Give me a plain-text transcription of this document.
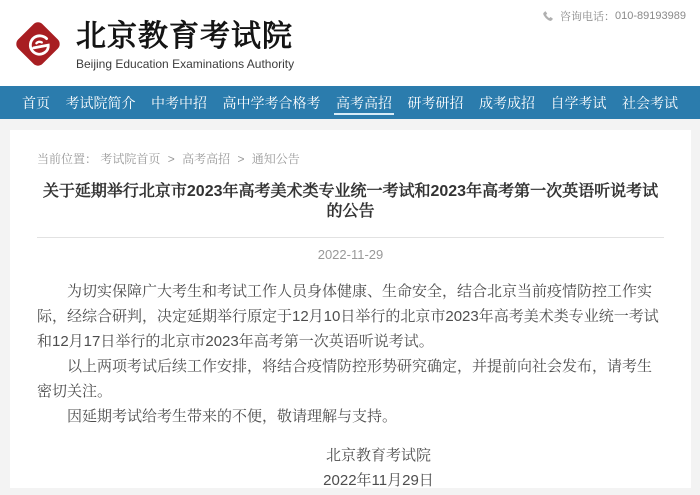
北京教育考试院
Beijing Education Examinations Authority
咨询电话： 010-89193989
首页 考试院简介 中考中招 高中学考合格考 高考高招 研考研招 成考成招 自学考试 社会考试
当前位置： 考试院首页 > 高考高招 > 通知公告
关于延期举行北京市2023年高考美术类专业统一考试和2023年高考第一次英语听说考试的公告
2022-11-29

为切实保障广大考生和考试工作人员身体健康、生命安全，结合北京当前疫情防控工作实际，经综合研判，决定延期举行原定于12月10日举行的北京市2023年高考美术类专业统一考试和12月17日举行的北京市2023年高考第一次英语听说考试。

以上两项考试后续工作安排，将结合疫情防控形势研究确定，并提前向社会发布，请考生密切关注。

因延期考试给考生带来的不便，敬请理解与支持。

北京教育考试院
2022年11月29日
